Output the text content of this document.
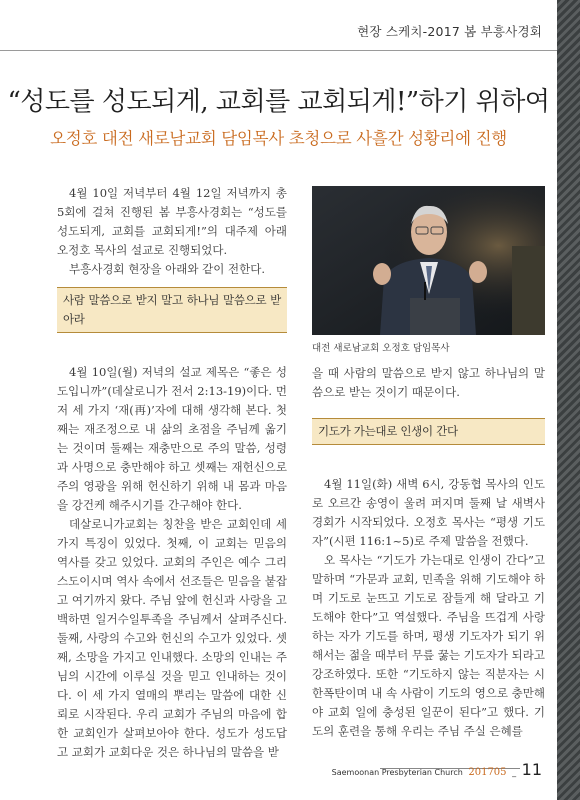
현장 스케치-2017 봄 부흥사경회
“성도를 성도되게, 교회를 교회되게!”하기 위하여
오정호 대전 새로남교회 담임목사 초청으로 사흘간 성황리에 진행

4월 10일 저녁부터 4월 12일 저녁까지 총 5회에 걸쳐 진행된 봄 부흥사경회는 “성도를 성도되게, 교회를 교회되게!”의 대주제 아래 오정호 목사의 설교로 진행되었다.

부흥사경회 현장을 아래와 같이 전한다.

사람 말씀으로 받지 말고 하나님 말씀으로 받아라

4월 10일(월) 저녁의 설교 제목은 “좋은 성도입니까”(데살로니가 전서 2:13-19)이다. 먼저 세 가지 ‘재(再)’자에 대해 생각해 본다. 첫째는 재조정으로 내 삶의 초점을 주님께 옮기는 것이며 둘째는 재충만으로 주의 말씀, 성령과 사명으로 충만해야 하고 셋째는 재헌신으로 주의 영광을 위해 헌신하기 위해 내 몸과 마음을 강건케 해주시기를 간구해야 한다.

데살로니가교회는 칭찬을 받은 교회인데 세 가지 특징이 있었다. 첫째, 이 교회는 믿음의 역사를 갖고 있었다. 교회의 주인은 예수 그리스도이시며 역사 속에서 선조들은 믿음을 붙잡고 여기까지 왔다. 주님 앞에 헌신과 사랑을 고백하면 일거수일투족을 주님께서 살펴주신다. 둘째, 사랑의 수고와 헌신의 수고가 있었다. 셋째, 소망을 가지고 인내했다. 소망의 인내는 주님의 시간에 이루실 것을 믿고 인내하는 것이다. 이 세 가지 열매의 뿌리는 말씀에 대한 신뢰로 시작된다. 우리 교회가 주님의 마음에 합한 교회인가 살펴보아야 한다. 성도가 성도답고 교회가 교회다운 것은 하나님의 말씀을 받

대전 새로남교회 오정호 담임목사

을 때 사람의 말씀으로 받지 않고 하나님의 말씀으로 받는 것이기 때문이다.

기도가 가는대로 인생이 간다

4월 11일(화) 새벽 6시, 강동협 목사의 인도로 오르간 송영이 울려 퍼지며 둘째 날 새벽사경회가 시작되었다. 오정호 목사는 “평생 기도자”(시편 116:1~5)로 주제 말씀을 전했다.

오 목사는 “기도가 가는대로 인생이 간다”고 말하며 “가문과 교회, 민족을 위해 기도해야 하며 기도로 눈뜨고 기도로 잠들게 해 달라고 기도해야 한다”고 역설했다. 주님을 뜨겁게 사랑하는 자가 기도를 하며, 평생 기도자가 되기 위해서는 젊을 때부터 무릎 꿇는 기도자가 되라고 강조하였다. 또한 “기도하지 않는 직분자는 시한폭탄이며 내 속 사람이 기도의 영으로 충만해야 교회 일에 충성된 일꾼이 된다”고 했다. 기도의 훈련을 통해 우리는 주님 주실 은혜를

Saemoonan Presbyterian Church 201705 _ 11
